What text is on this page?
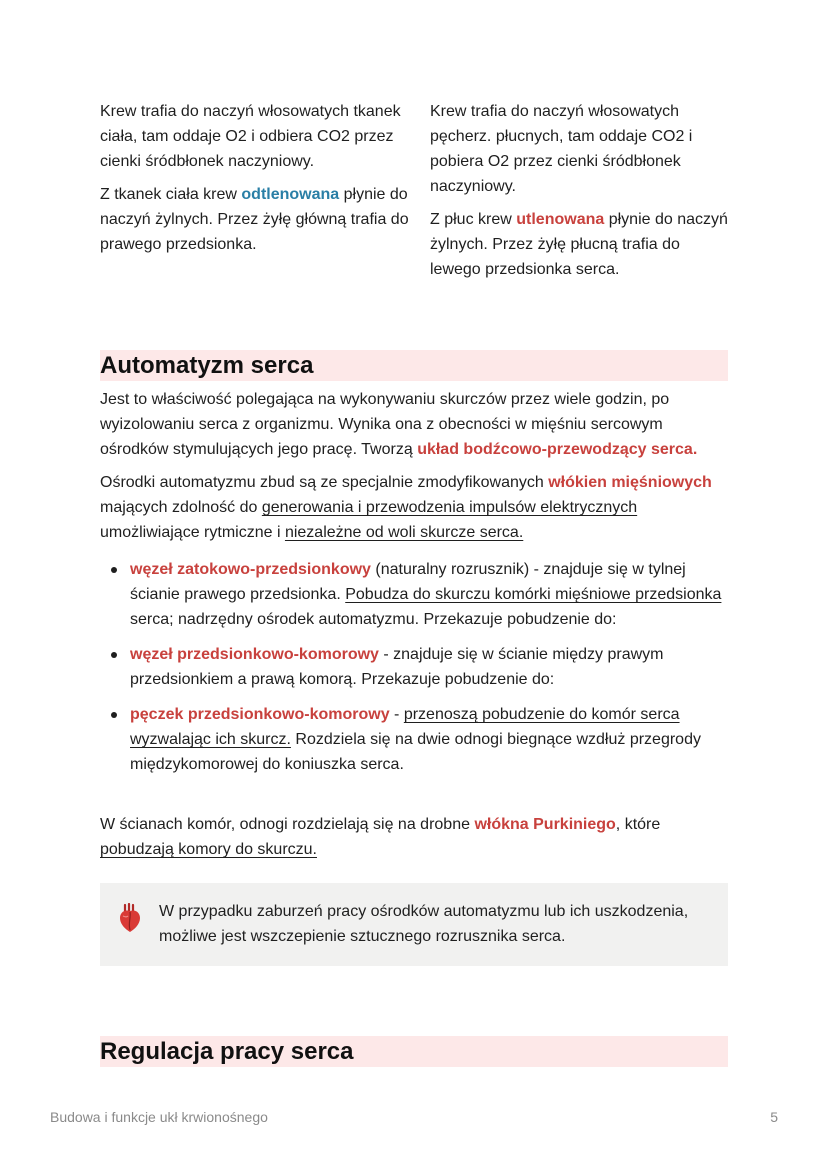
Krew trafia do naczyń włosowatych tkanek ciała, tam oddaje O2 i odbiera CO2 przez cienki śródbłonek naczyniowy.

Z tkanek ciała krew odtlenowana płynie do naczyń żylnych. Przez żyłę główną trafia do prawego przedsionka.

Krew trafia do naczyń włosowatych pęcherz. płucnych, tam oddaje CO2 i pobiera O2 przez cienki śródbłonek naczyniowy.

Z płuc krew utlenowana płynie do naczyń żylnych. Przez żyłę płucną trafia do lewego przedsionka serca.

Automatyzm serca

Jest to właściwość polegająca na wykonywaniu skurczów przez wiele godzin, po wyizolowaniu serca z organizmu. Wynika ona z obecności w mięśniu sercowym ośrodków stymulujących jego pracę. Tworzą układ bodźcowo-przewodzący serca.

Ośrodki automatyzmu zbud są ze specjalnie zmodyfikowanych włókien mięśniowych mających zdolność do generowania i przewodzenia impulsów elektrycznych umożliwiające rytmiczne i niezależne od woli skurcze serca.

węzeł zatokowo-przedsionkowy (naturalny rozrusznik) - znajduje się w tylnej ścianie prawego przedsionka. Pobudza do skurczu komórki mięśniowe przedsionka serca; nadrzędny ośrodek automatyzmu. Przekazuje pobudzenie do:
węzeł przedsionkowo-komorowy - znajduje się w ścianie między prawym przedsionkiem a prawą komorą. Przekazuje pobudzenie do:
pęczek przedsionkowo-komorowy - przenoszą pobudzenie do komór serca wyzwalając ich skurcz. Rozdziela się na dwie odnogi biegnące wzdłuż przegrody międzykomorowej do koniuszka serca.

W ścianach komór, odnogi rozdzielają się na drobne włókna Purkiniego, które pobudzają komory do skurczu.

W przypadku zaburzeń pracy ośrodków automatyzmu lub ich uszkodzenia, możliwe jest wszczepienie sztucznego rozrusznika serca.

Regulacja pracy serca
Budowa i funkcje ukł krwionośnego	5
